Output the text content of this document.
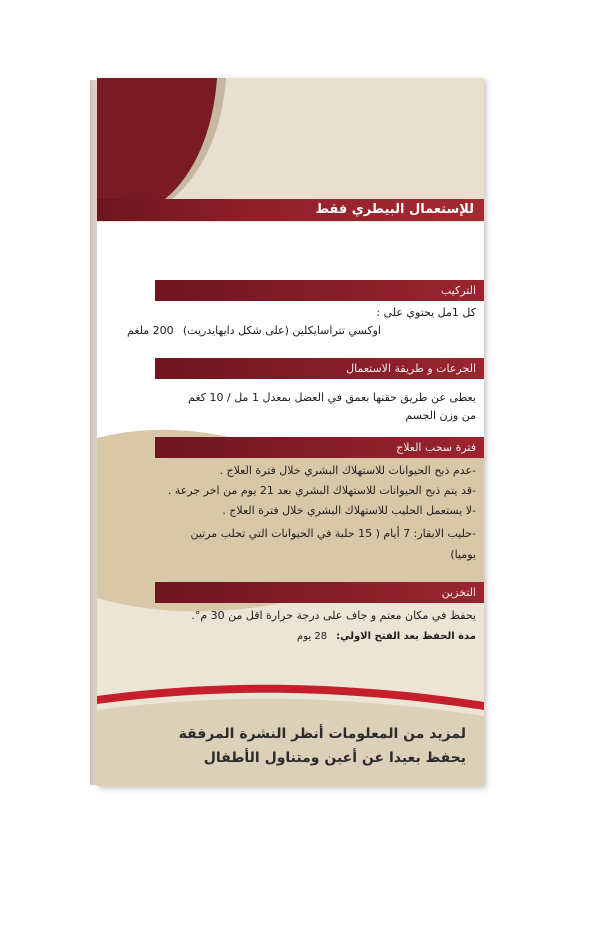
للإستعمال البيطري فقط
التركيب
كل 1مل يحتوي على :
اوكسي تتراسايكلين (على شكل دايهايدريت)
200 ملغم
الجرعات و طريقة الاستعمال
يعطى عن طريق حقنها بعمق في العضل بمعدل 1 مل / 10 كغم
من وزن الجسم
فترة سحب العلاج
-عدم ذبح الحيوانات للاستهلاك البشري خلال فترة العلاج .
-قد يتم ذبح الحيوانات للاستهلاك البشري بعد 21 يوم من اخر جرعة .
-لا يستعمل الحليب للاستهلاك البشري خلال فترة العلاج .
-حليب الابقار: 7 أيام ( 15 حلبة في الحيوانات التي تحلب مرتين
يوميا)
التخزين
يحفظ في مكان معتم و جاف على درجة حرارة اقل من 30 م°.
مدة الحفظ بعد الفتح الاولي:
28 يوم
لمزيد من المعلومات أنظر النشرة المرفقة
يحفظ بعيدا عن أعين ومتناول الأطفال
